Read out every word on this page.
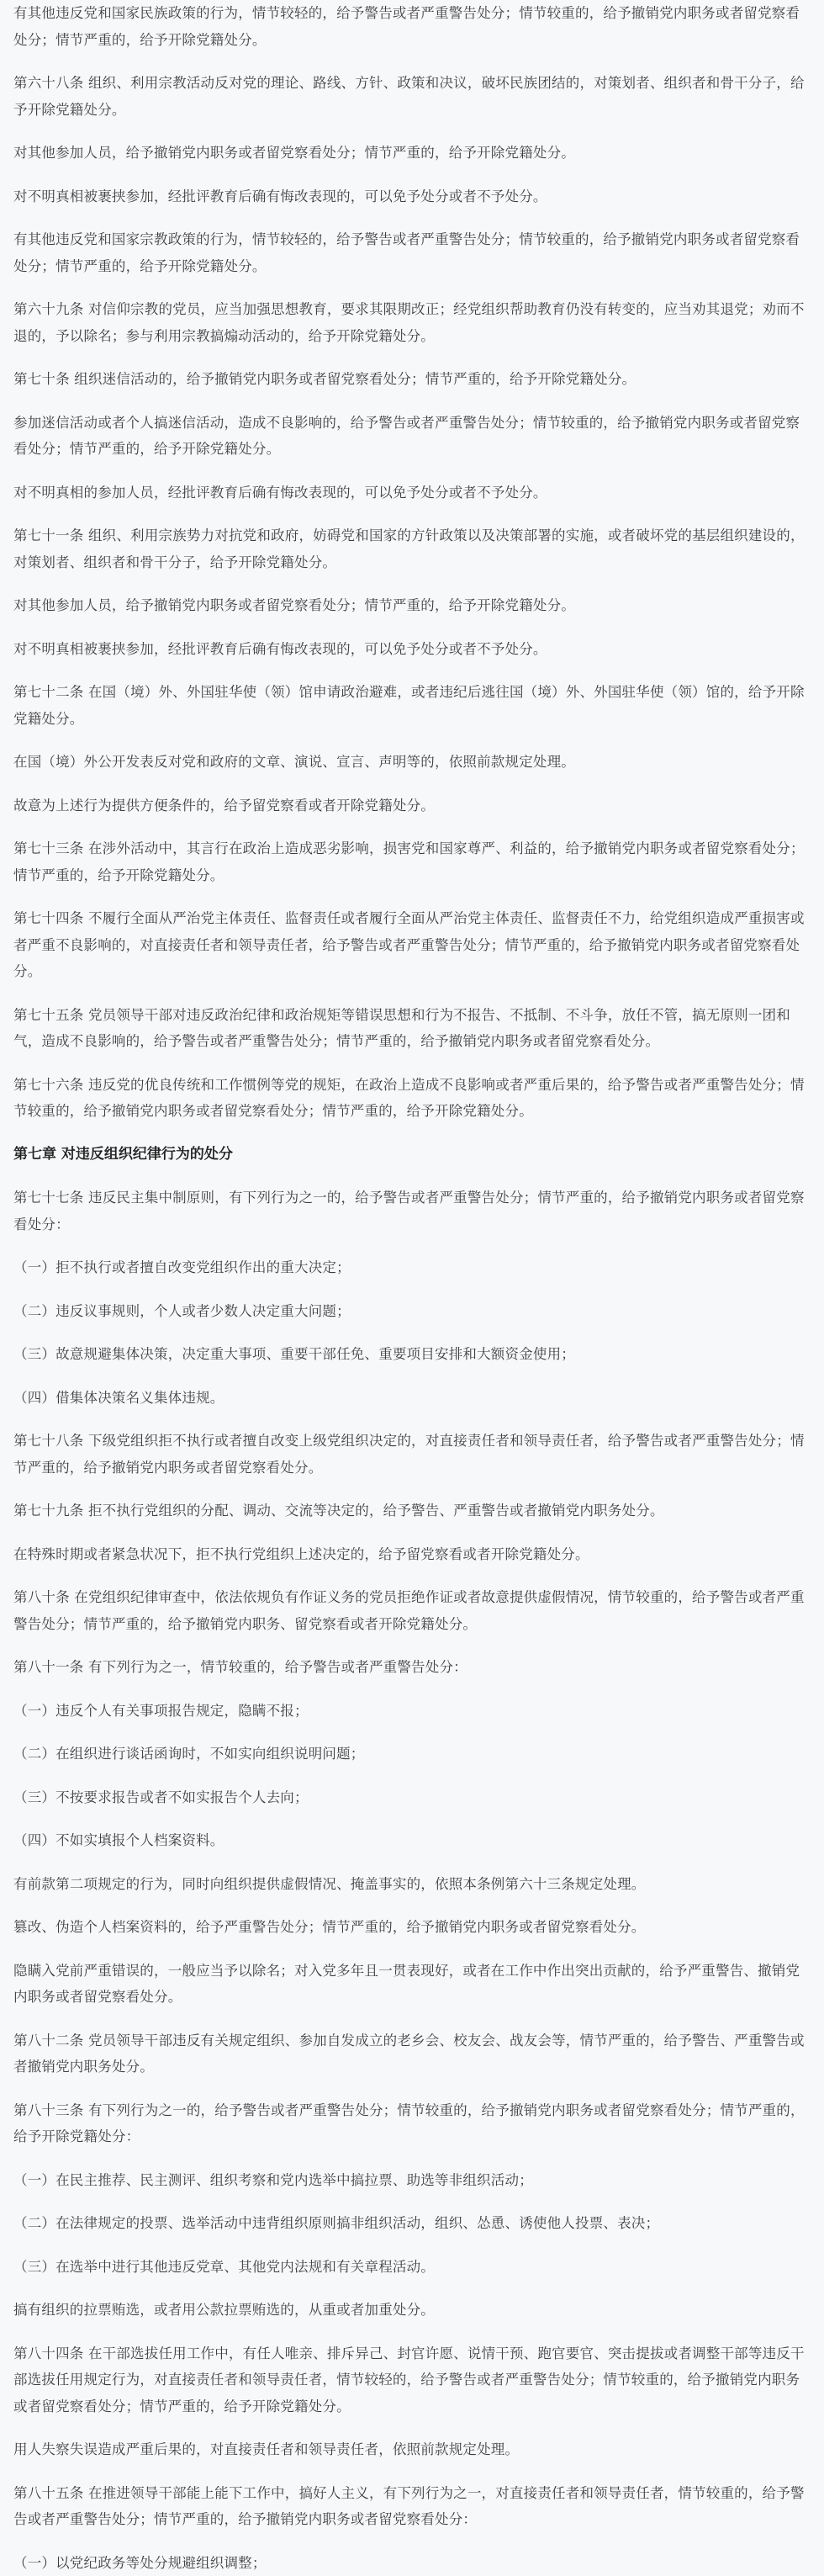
有其他违反党和国家民族政策的行为，情节较轻的，给予警告或者严重警告处分；情节较重的，给予撤销党内职务或者留党察看处分；情节严重的，给予开除党籍处分。

第六十八条 组织、利用宗教活动反对党的理论、路线、方针、政策和决议，破坏民族团结的，对策划者、组织者和骨干分子，给予开除党籍处分。

对其他参加人员，给予撤销党内职务或者留党察看处分；情节严重的，给予开除党籍处分。

对不明真相被裹挟参加，经批评教育后确有悔改表现的，可以免予处分或者不予处分。

有其他违反党和国家宗教政策的行为，情节较轻的，给予警告或者严重警告处分；情节较重的，给予撤销党内职务或者留党察看处分；情节严重的，给予开除党籍处分。

第六十九条 对信仰宗教的党员，应当加强思想教育，要求其限期改正；经党组织帮助教育仍没有转变的，应当劝其退党；劝而不退的，予以除名；参与利用宗教搞煽动活动的，给予开除党籍处分。

第七十条 组织迷信活动的，给予撤销党内职务或者留党察看处分；情节严重的，给予开除党籍处分。

参加迷信活动或者个人搞迷信活动，造成不良影响的，给予警告或者严重警告处分；情节较重的，给予撤销党内职务或者留党察看处分；情节严重的，给予开除党籍处分。

对不明真相的参加人员，经批评教育后确有悔改表现的，可以免予处分或者不予处分。

第七十一条 组织、利用宗族势力对抗党和政府，妨碍党和国家的方针政策以及决策部署的实施，或者破坏党的基层组织建设的，对策划者、组织者和骨干分子，给予开除党籍处分。

对其他参加人员，给予撤销党内职务或者留党察看处分；情节严重的，给予开除党籍处分。

对不明真相被裹挟参加，经批评教育后确有悔改表现的，可以免予处分或者不予处分。

第七十二条 在国（境）外、外国驻华使（领）馆申请政治避难，或者违纪后逃往国（境）外、外国驻华使（领）馆的，给予开除党籍处分。

在国（境）外公开发表反对党和政府的文章、演说、宣言、声明等的，依照前款规定处理。

故意为上述行为提供方便条件的，给予留党察看或者开除党籍处分。

第七十三条 在涉外活动中，其言行在政治上造成恶劣影响，损害党和国家尊严、利益的，给予撤销党内职务或者留党察看处分；情节严重的，给予开除党籍处分。

第七十四条 不履行全面从严治党主体责任、监督责任或者履行全面从严治党主体责任、监督责任不力，给党组织造成严重损害或者严重不良影响的，对直接责任者和领导责任者，给予警告或者严重警告处分；情节严重的，给予撤销党内职务或者留党察看处分。

第七十五条 党员领导干部对违反政治纪律和政治规矩等错误思想和行为不报告、不抵制、不斗争，放任不管，搞无原则一团和气，造成不良影响的，给予警告或者严重警告处分；情节严重的，给予撤销党内职务或者留党察看处分。

第七十六条 违反党的优良传统和工作惯例等党的规矩，在政治上造成不良影响或者严重后果的，给予警告或者严重警告处分；情节较重的，给予撤销党内职务或者留党察看处分；情节严重的，给予开除党籍处分。

第七章 对违反组织纪律行为的处分

第七十七条 违反民主集中制原则，有下列行为之一的，给予警告或者严重警告处分；情节严重的，给予撤销党内职务或者留党察看处分：

（一）拒不执行或者擅自改变党组织作出的重大决定；

（二）违反议事规则，个人或者少数人决定重大问题；

（三）故意规避集体决策，决定重大事项、重要干部任免、重要项目安排和大额资金使用；

（四）借集体决策名义集体违规。

第七十八条 下级党组织拒不执行或者擅自改变上级党组织决定的，对直接责任者和领导责任者，给予警告或者严重警告处分；情节严重的，给予撤销党内职务或者留党察看处分。

第七十九条 拒不执行党组织的分配、调动、交流等决定的，给予警告、严重警告或者撤销党内职务处分。

在特殊时期或者紧急状况下，拒不执行党组织上述决定的，给予留党察看或者开除党籍处分。

第八十条 在党组织纪律审查中，依法依规负有作证义务的党员拒绝作证或者故意提供虚假情况，情节较重的，给予警告或者严重警告处分；情节严重的，给予撤销党内职务、留党察看或者开除党籍处分。

第八十一条 有下列行为之一，情节较重的，给予警告或者严重警告处分：

（一）违反个人有关事项报告规定，隐瞒不报；

（二）在组织进行谈话函询时，不如实向组织说明问题；

（三）不按要求报告或者不如实报告个人去向；

（四）不如实填报个人档案资料。

有前款第二项规定的行为，同时向组织提供虚假情况、掩盖事实的，依照本条例第六十三条规定处理。

篡改、伪造个人档案资料的，给予严重警告处分；情节严重的，给予撤销党内职务或者留党察看处分。

隐瞒入党前严重错误的，一般应当予以除名；对入党多年且一贯表现好，或者在工作中作出突出贡献的，给予严重警告、撤销党内职务或者留党察看处分。

第八十二条 党员领导干部违反有关规定组织、参加自发成立的老乡会、校友会、战友会等，情节严重的，给予警告、严重警告或者撤销党内职务处分。

第八十三条 有下列行为之一的，给予警告或者严重警告处分；情节较重的，给予撤销党内职务或者留党察看处分；情节严重的，给予开除党籍处分：

（一）在民主推荐、民主测评、组织考察和党内选举中搞拉票、助选等非组织活动；

（二）在法律规定的投票、选举活动中违背组织原则搞非组织活动，组织、怂恿、诱使他人投票、表决；

（三）在选举中进行其他违反党章、其他党内法规和有关章程活动。

搞有组织的拉票贿选，或者用公款拉票贿选的，从重或者加重处分。

第八十四条 在干部选拔任用工作中，有任人唯亲、排斥异己、封官许愿、说情干预、跑官要官、突击提拔或者调整干部等违反干部选拔任用规定行为，对直接责任者和领导责任者，情节较轻的，给予警告或者严重警告处分；情节较重的，给予撤销党内职务或者留党察看处分；情节严重的，给予开除党籍处分。

用人失察失误造成严重后果的，对直接责任者和领导责任者，依照前款规定处理。

第八十五条 在推进领导干部能上能下工作中，搞好人主义，有下列行为之一，对直接责任者和领导责任者，情节较重的，给予警告或者严重警告处分；情节严重的，给予撤销党内职务或者留党察看处分：

（一）以党纪政务等处分规避组织调整；
